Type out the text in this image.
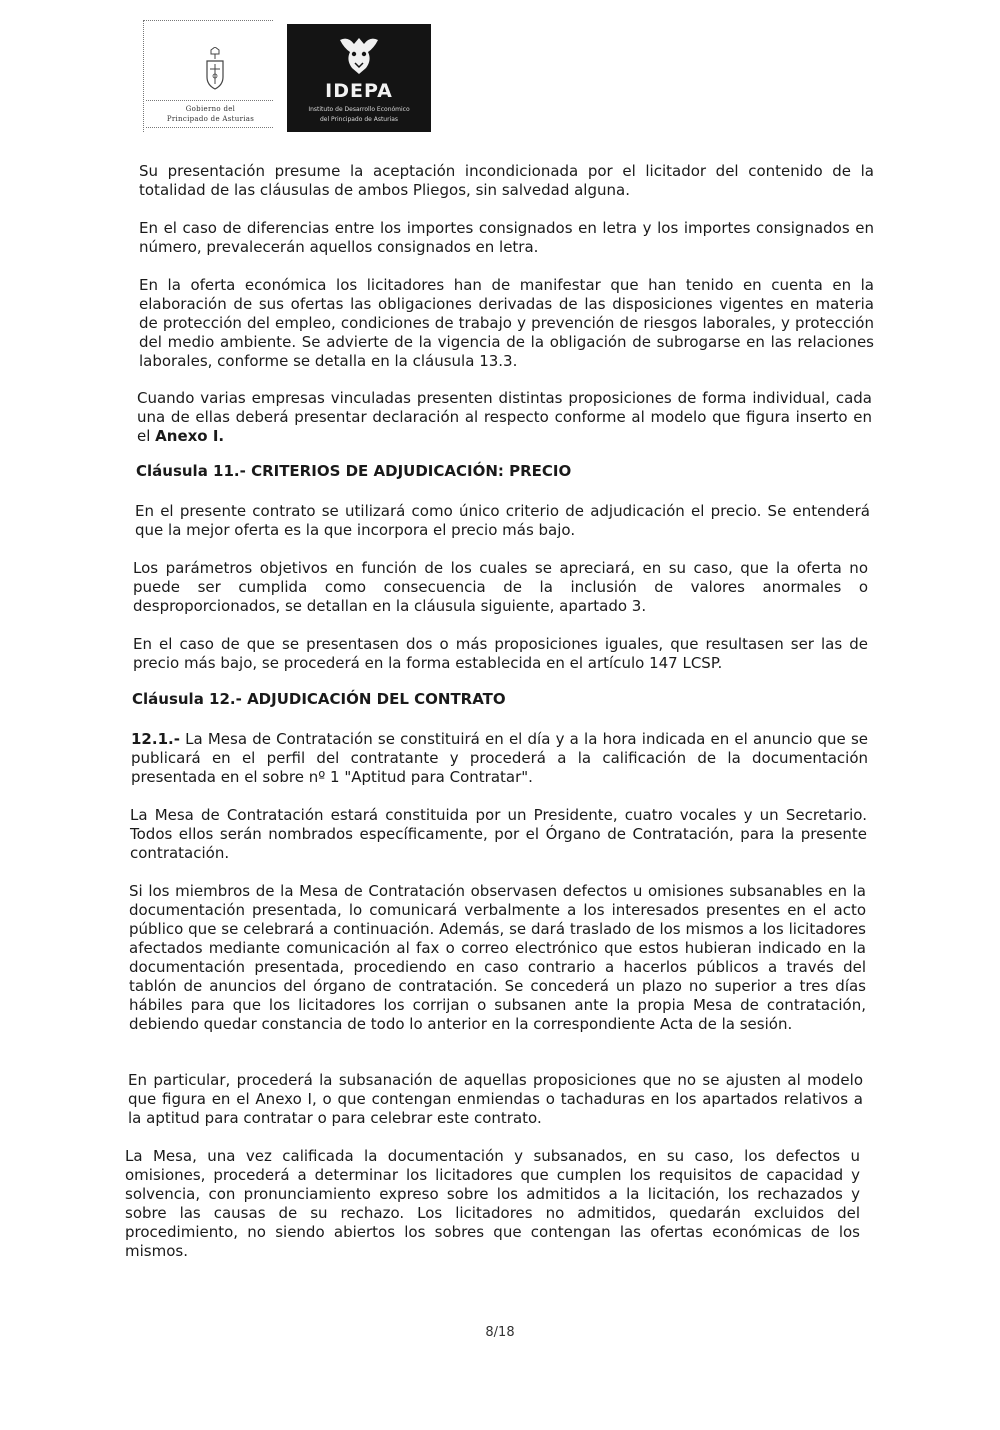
Gobierno del
Principado de Asturias
IDEPA
Instituto de Desarrollo Económico
del Principado de Asturias

Su presentación presume la aceptación incondicionada por el licitador del contenido de la totalidad de las cláusulas de ambos Pliegos, sin salvedad alguna.

En el caso de diferencias entre los importes consignados en letra y los importes consignados en número, prevalecerán aquellos consignados en letra.

En la oferta económica los licitadores han de manifestar que han tenido en cuenta en la elaboración de sus ofertas las obligaciones derivadas de las disposiciones vigentes en materia de protección del empleo, condiciones de trabajo y prevención de riesgos laborales, y protección del medio ambiente. Se advierte de la vigencia de la obligación de subrogarse en las relaciones laborales, conforme se detalla en la cláusula 13.3.

Cuando varias empresas vinculadas presenten distintas proposiciones de forma individual, cada una de ellas deberá presentar declaración al respecto conforme al modelo que figura inserto en el Anexo I.

Cláusula 11.- CRITERIOS DE ADJUDICACIÓN: PRECIO

En el presente contrato se utilizará como único criterio de adjudicación el precio. Se entenderá que la mejor oferta es la que incorpora el precio más bajo.

Los parámetros objetivos en función de los cuales se apreciará, en su caso, que la oferta no puede ser cumplida como consecuencia de la inclusión de valores anormales o desproporcionados, se detallan en la cláusula siguiente, apartado 3.

En el caso de que se presentasen dos o más proposiciones iguales, que resultasen ser las de precio más bajo, se procederá en la forma establecida en el artículo 147 LCSP.

Cláusula 12.- ADJUDICACIÓN DEL CONTRATO

12.1.- La Mesa de Contratación se constituirá en el día y a la hora indicada en el anuncio que se publicará en el perfil del contratante y procederá a la calificación de la documentación presentada en el sobre nº 1 "Aptitud para Contratar".

La Mesa de Contratación estará constituida por un Presidente, cuatro vocales y un Secretario. Todos ellos serán nombrados específicamente, por el Órgano de Contratación, para la presente contratación.

Si los miembros de la Mesa de Contratación observasen defectos u omisiones subsanables en la documentación presentada, lo comunicará verbalmente a los interesados presentes en el acto público que se celebrará a continuación. Además, se dará traslado de los mismos a los licitadores afectados mediante comunicación al fax o correo electrónico que estos hubieran indicado en la documentación presentada, procediendo en caso contrario a hacerlos públicos a través del tablón de anuncios del órgano de contratación. Se concederá un plazo no superior a tres días hábiles para que los licitadores los corrijan o subsanen ante la propia Mesa de contratación, debiendo quedar constancia de todo lo anterior en la correspondiente Acta de la sesión.

En particular, procederá la subsanación de aquellas proposiciones que no se ajusten al modelo que figura en el Anexo I, o que contengan enmiendas o tachaduras en los apartados relativos a la aptitud para contratar o para celebrar este contrato.

La Mesa, una vez calificada la documentación y subsanados, en su caso, los defectos u omisiones, procederá a determinar los licitadores que cumplen los requisitos de capacidad y solvencia, con pronunciamiento expreso sobre los admitidos a la licitación, los rechazados y sobre las causas de su rechazo. Los licitadores no admitidos, quedarán excluidos del procedimiento, no siendo abiertos los sobres que contengan las ofertas económicas de los mismos.

8/18
